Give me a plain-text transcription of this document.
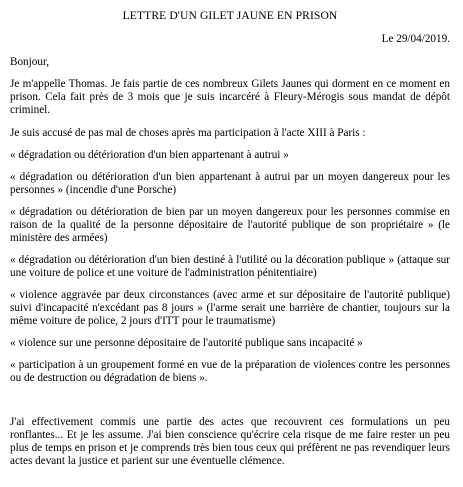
LETTRE D'UN GILET JAUNE EN PRISON
Le 29/04/2019.

Bonjour,

Je m'appelle Thomas. Je fais partie de ces nombreux Gilets Jaunes qui dorment en ce moment en prison. Cela fait près de 3 mois que je suis incarcéré à Fleury-Mérogis sous mandat de dépôt criminel.

Je suis accusé de pas mal de choses après ma participation à l'acte XIII à Paris :

« dégradation ou détérioration d'un bien appartenant à autrui »

« dégradation ou détérioration d'un bien appartenant à autrui par un moyen dangereux pour les personnes » (incendie d'une Porsche)

« dégradation ou détérioration de bien par un moyen dangereux pour les personnes commise en raison de la qualité de la personne dépositaire de l'autorité publique de son propriétaire » (le ministère des armées)

« dégradation ou détérioration d'un bien destiné à l'utilité ou la décoration publique » (attaque sur une voiture de police et une voiture de l'administration pénitentiaire)

« violence aggravée par deux circonstances (avec arme et sur dépositaire de l'autorité publique) suivi d'incapacité n'excédant pas 8 jours » (l'arme serait une barrière de chantier, toujours sur la même voiture de police, 2 jours d'ITT pour le traumatisme)

« violence sur une personne dépositaire de l'autorité publique sans incapacité »

« participation à un groupement formé en vue de la préparation de violences contre les personnes ou de destruction ou dégradation de biens ».

J'ai effectivement commis une partie des actes que recouvrent ces formulations un peu ronflantes... Et je les assume. J'ai bien conscience qu'écrire cela risque de me faire rester un peu plus de temps en prison et je comprends très bien tous ceux qui préfèrent ne pas revendiquer leurs actes devant la justice et parient sur une éventuelle clémence.
